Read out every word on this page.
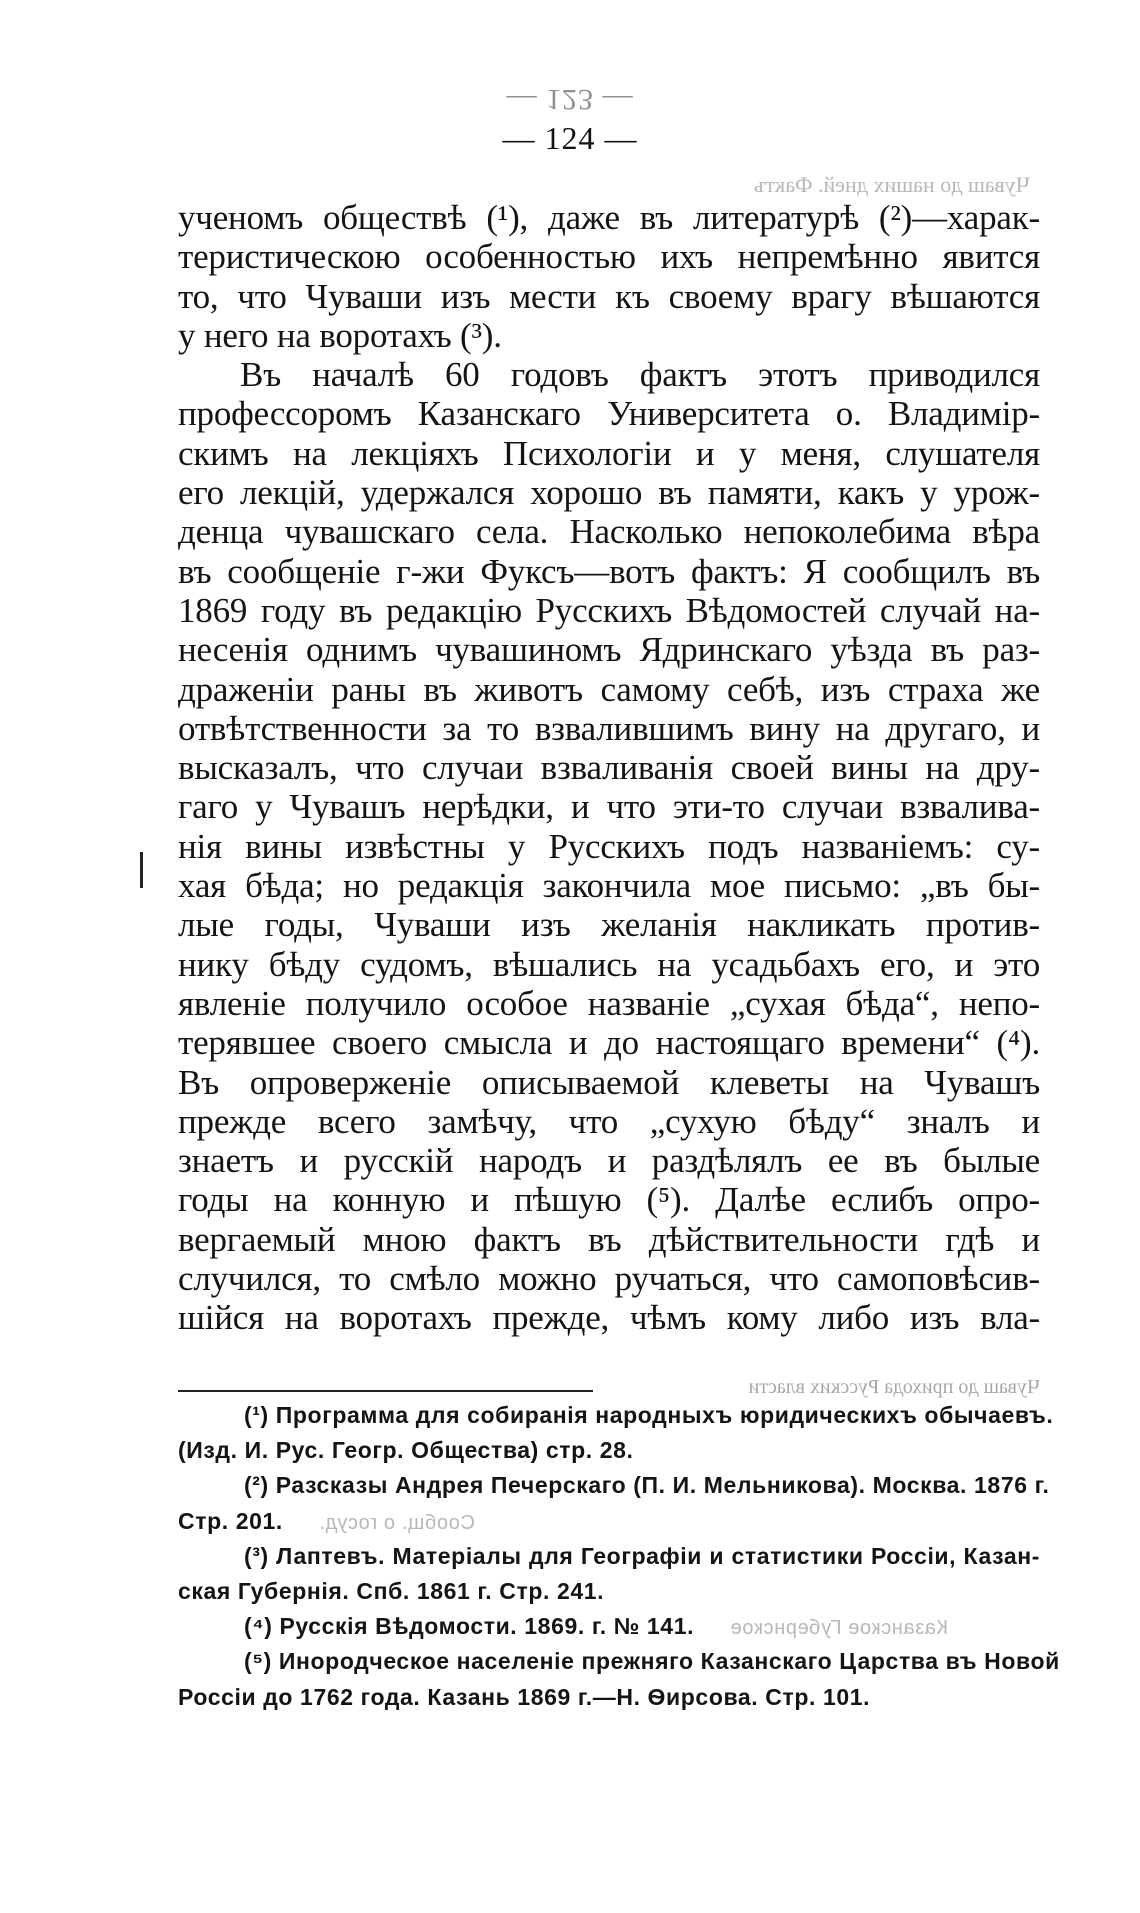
— 123 —
— 124 —
Чуваш до наших дней. Фактъ
ученомъ обществѣ (¹), даже въ литературѣ (²)—харак-
теристическою особенностью ихъ непремѣнно явится
то, что Чуваши изъ мести къ своему врагу вѣшаются
у него на воротахъ (³).
Въ началѣ 60 годовъ фактъ этотъ приводился
профессоромъ Казанскаго Университета о. Владимір-
скимъ на лекціяхъ Психологіи и у меня, слушателя
его лекцій, удержался хорошо въ памяти, какъ у урож-
денца чувашскаго села. Насколько непоколебима вѣра
въ сообщеніе г-жи Фуксъ—вотъ фактъ: Я сообщилъ въ
1869 году въ редакцію Русскихъ Вѣдомостей случай на-
несенія однимъ чувашиномъ Ядринскаго уѣзда въ раз-
драженіи раны въ животъ самому себѣ, изъ страха же
отвѣтственности за то взвалившимъ вину на другаго, и
высказалъ, что случаи взваливанія своей вины на дру-
гаго у Чувашъ нерѣдки, и что эти-то случаи взвалива-
нія вины извѣстны у Русскихъ подъ названіемъ: су-
хая бѣда; но редакція закончила мое письмо: „въ бы-
лые годы, Чуваши изъ желанія накликать против-
нику бѣду судомъ, вѣшались на усадьбахъ его, и это
явленіе получило особое названіе „сухая бѣда“, непо-
терявшее своего смысла и до настоящаго времени“ (⁴).
Въ опроверженіе описываемой клеветы на Чувашъ
прежде всего замѣчу, что „сухую бѣду“ зналъ и
знаетъ и русскій народъ и раздѣлялъ ее въ былые
годы на конную и пѣшую (⁵). Далѣе еслибъ опро-
вергаемый мною фактъ въ дѣйствительности гдѣ и
случился, то смѣло можно ручаться, что самоповѣсив-
шійся на воротахъ прежде, чѣмъ кому либо изъ вла-
Чуваш до прихода Русских власти
(¹) Программа для собиранія народныхъ юридическихъ обычаевъ.
(Изд. И. Рус. Геогр. Общества) стр. 28.
(²) Разсказы Андрея Печерскаго (П. И. Мельникова). Москва. 1876 г.
Стр. 201. Сообщ. о госуд.
(³) Лаптевъ. Матеріалы для Географіи и статистики Россіи, Казан-
ская Губернія. Спб. 1861 г. Стр. 241.
(⁴) Русскія Вѣдомости. 1869. г. № 141. Казанское Губернское
(⁵) Инородческое населеніе прежняго Казанскаго Царства въ Новой
Россіи до 1762 года. Казань 1869 г.—Н. Ѳирсова. Стр. 101.
